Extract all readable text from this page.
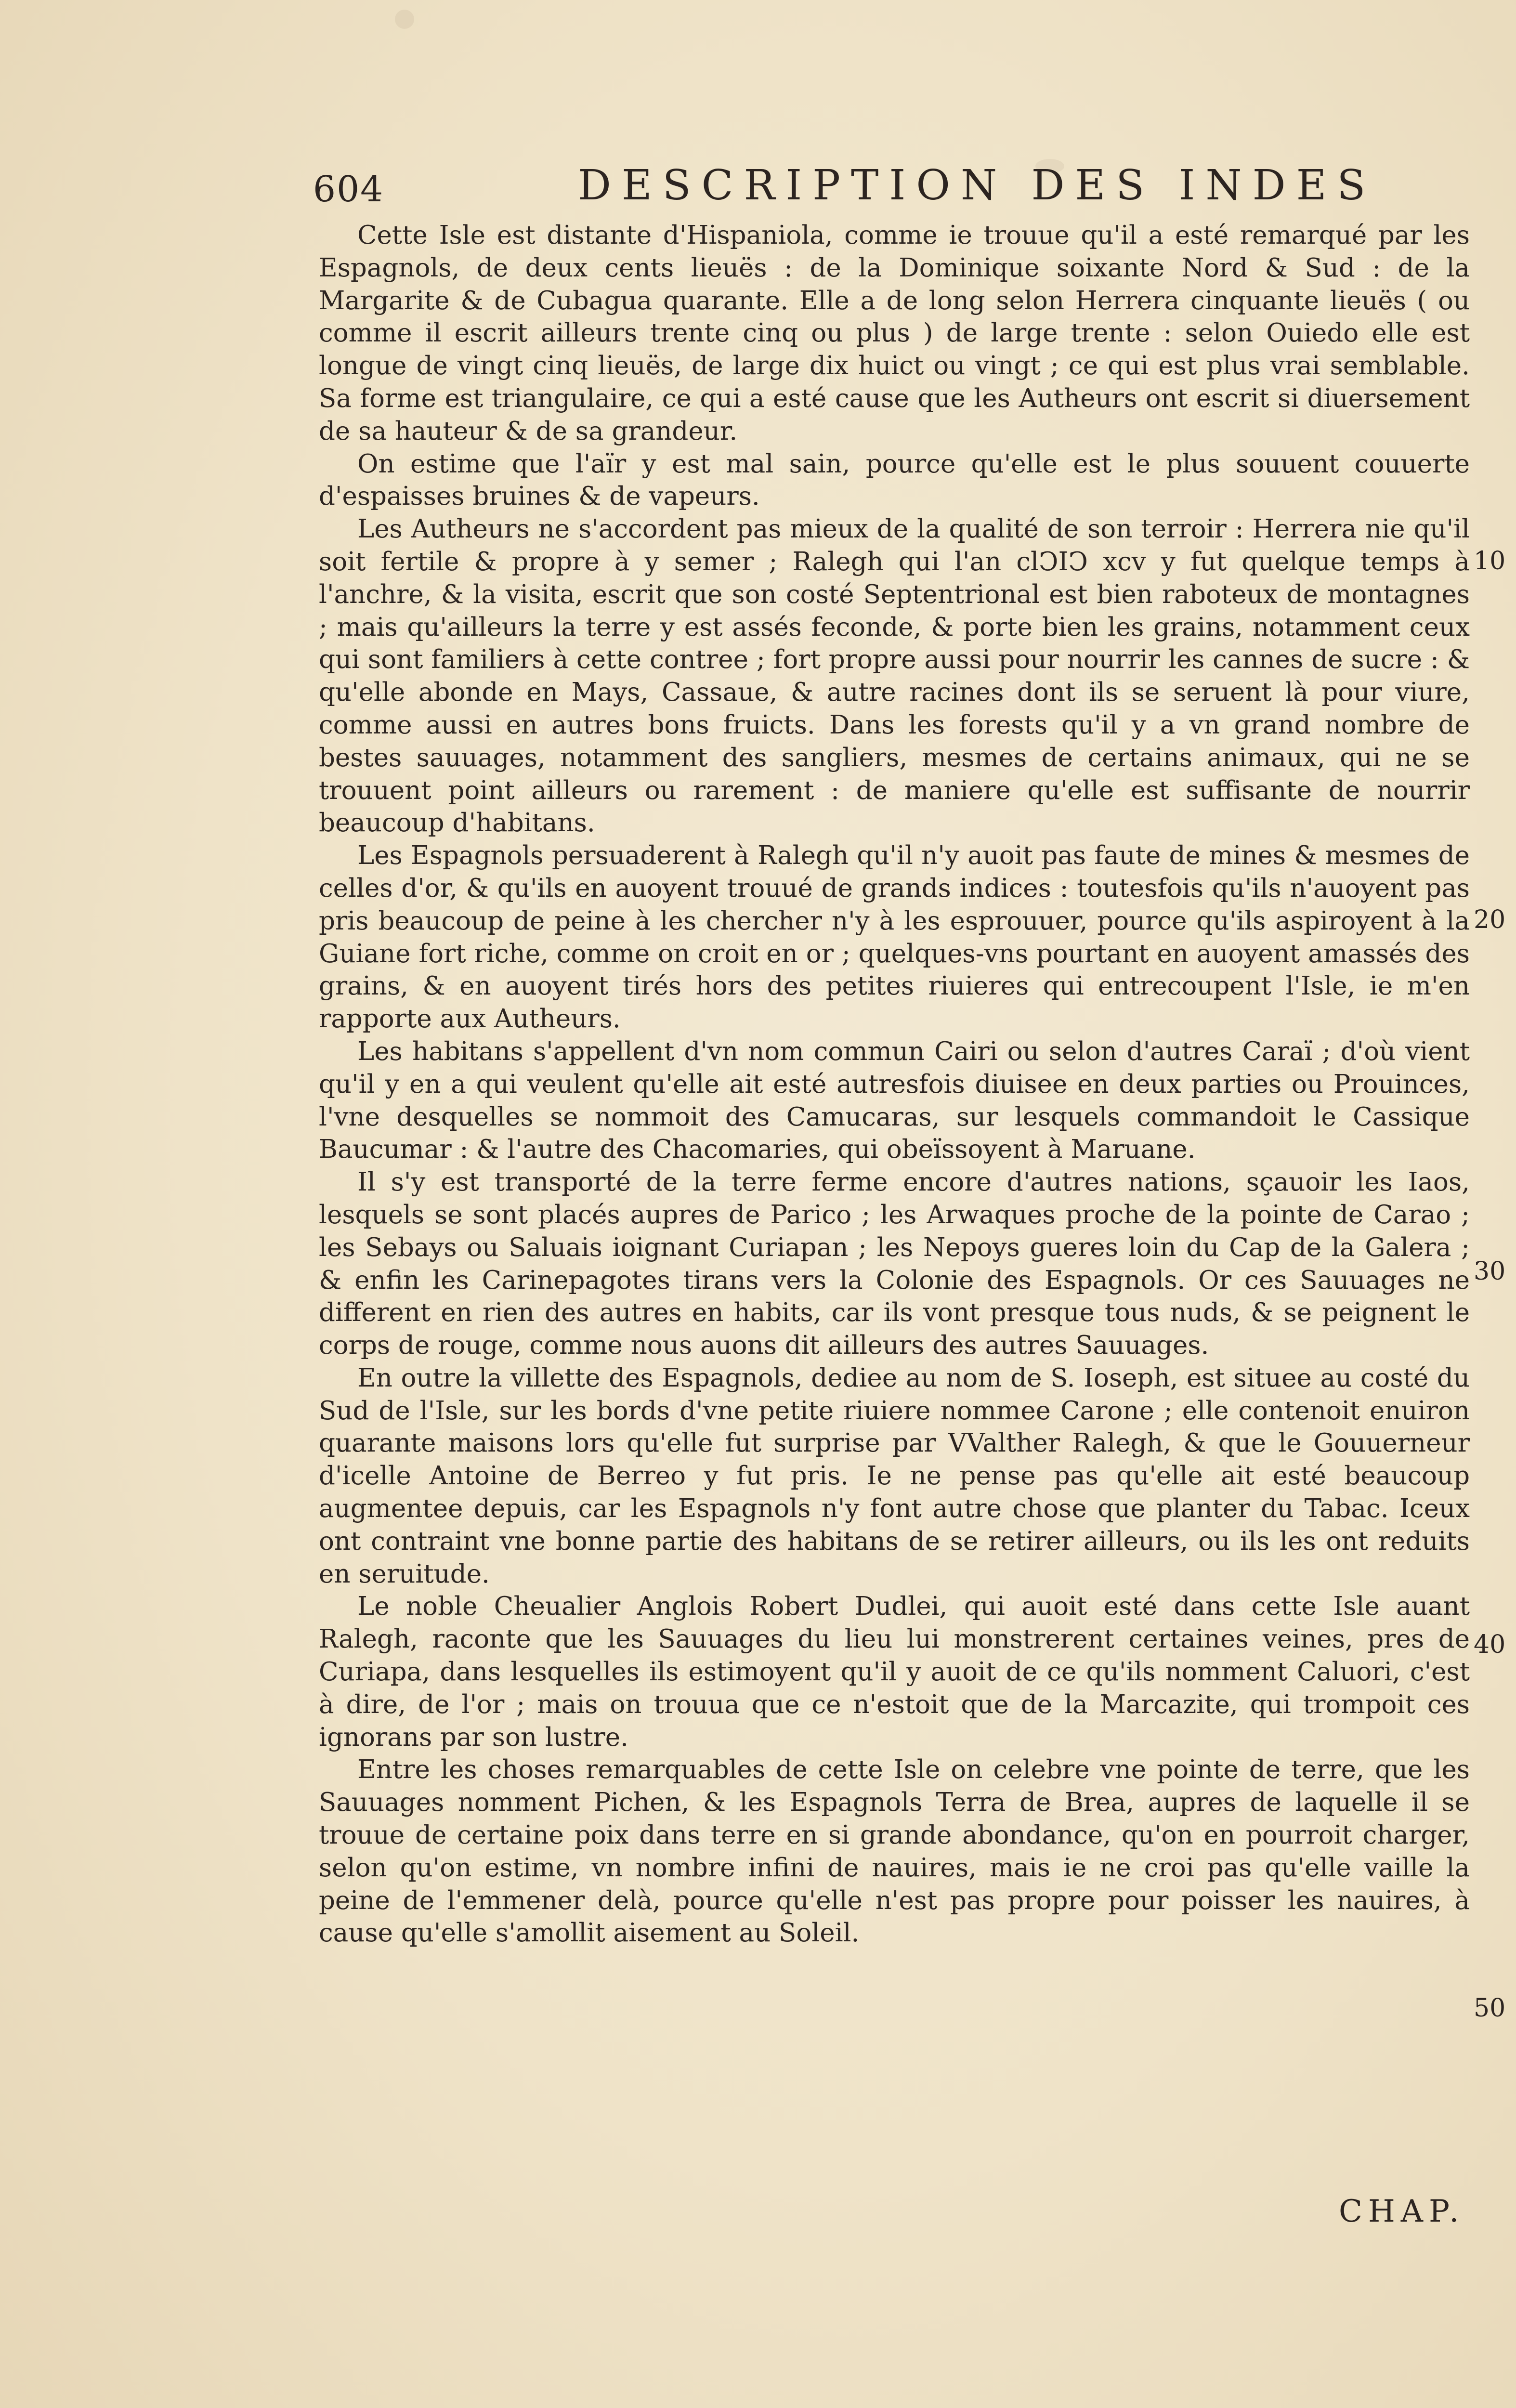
604	DESCRIPTION DES INDES

Cette Isle est distante d'Hispaniola, comme ie trouue qu'il a esté remarqué par les Espagnols, de deux cents lieuës : de la Dominique soixante Nord & Sud : de la Margarite & de Cubagua quarante. Elle a de long selon Herrera cinquante lieuës ( ou comme il escrit ailleurs trente cinq ou plus ) de large trente : selon Ouiedo elle est longue de vingt cinq lieuës, de large dix huict ou vingt ; ce qui est plus vrai semblable. Sa forme est triangulaire, ce qui a esté cause que les Autheurs ont escrit si diuersement de sa hauteur & de sa grandeur.

On estime que l'aïr y est mal sain, pource qu'elle est le plus souuent couuerte d'espaisses bruines & de vapeurs.

Les Autheurs ne s'accordent pas mieux de la qualité de son terroir : Herrera nie qu'il soit fertile & propre à y semer ; Ralegh qui l'an clↃIↃ xcv y fut quelque temps à l'anchre, & la visita, escrit que son costé Septentrional est bien raboteux de montagnes ; mais qu'ailleurs la terre y est assés feconde, & porte bien les grains, notamment ceux qui sont familiers à cette contree ; fort propre aussi pour nourrir les cannes de sucre : & qu'elle abonde en Mays, Cassaue, & autre racines dont ils se seruent là pour viure, comme aussi en autres bons fruicts. Dans les forests qu'il y a vn grand nombre de bestes sauuages, notamment des sangliers, mesmes de certains animaux, qui ne se trouuent point ailleurs ou rarement : de maniere qu'elle est suffisante de nourrir beaucoup d'habitans.

Les Espagnols persuaderent à Ralegh qu'il n'y auoit pas faute de mines & mesmes de celles d'or, & qu'ils en auoyent trouué de grands indices : toutesfois qu'ils n'auoyent pas pris beaucoup de peine à les chercher n'y à les esprouuer, pource qu'ils aspiroyent à la Guiane fort riche, comme on croit en or ; quelques-vns pourtant en auoyent amassés des grains, & en auoyent tirés hors des petites riuieres qui entrecoupent l'Isle, ie m'en rapporte aux Autheurs.

Les habitans s'appellent d'vn nom commun Cairi ou selon d'autres Caraï ; d'où vient qu'il y en a qui veulent qu'elle ait esté autresfois diuisee en deux parties ou Prouinces, l'vne desquelles se nommoit des Camucaras, sur lesquels commandoit le Cassique Baucumar : & l'autre des Chacomaries, qui obeïssoyent à Maruane.

Il s'y est transporté de la terre ferme encore d'autres nations, sçauoir les Iaos, lesquels se sont placés aupres de Parico ; les Arwaques proche de la pointe de Carao ; les Sebays ou Saluais ioignant Curiapan ; les Nepoys gueres loin du Cap de la Galera ; & enfin les Carinepagotes tirans vers la Colonie des Espagnols. Or ces Sauuages ne different en rien des autres en habits, car ils vont presque tous nuds, & se peignent le corps de rouge, comme nous auons dit ailleurs des autres Sauuages.

En outre la villette des Espagnols, dediee au nom de S. Ioseph, est situee au costé du Sud de l'Isle, sur les bords d'vne petite riuiere nommee Carone ; elle contenoit enuiron quarante maisons lors qu'elle fut surprise par VValther Ralegh, & que le Gouuerneur d'icelle Antoine de Berreo y fut pris. Ie ne pense pas qu'elle ait esté beaucoup augmentee depuis, car les Espagnols n'y font autre chose que planter du Tabac. Iceux ont contraint vne bonne partie des habitans de se retirer ailleurs, ou ils les ont reduits en seruitude.

Le noble Cheualier Anglois Robert Dudlei, qui auoit esté dans cette Isle auant Ralegh, raconte que les Sauuages du lieu lui monstrerent certaines veines, pres de Curiapa, dans lesquelles ils estimoyent qu'il y auoit de ce qu'ils nomment Caluori, c'est à dire, de l'or ; mais on trouua que ce n'estoit que de la Marcazite, qui trompoit ces ignorans par son lustre.

Entre les choses remarquables de cette Isle on celebre vne pointe de terre, que les Sauuages nomment Pichen, & les Espagnols Terra de Brea, aupres de laquelle il se trouue de certaine poix dans terre en si grande abondance, qu'on en pourroit charger, selon qu'on estime, vn nombre infini de nauires, mais ie ne croi pas qu'elle vaille la peine de l'emmener delà, pource qu'elle n'est pas propre pour poisser les nauires, à cause qu'elle s'amollit aisement au Soleil.

10
20
30
40
50
CHAP.
